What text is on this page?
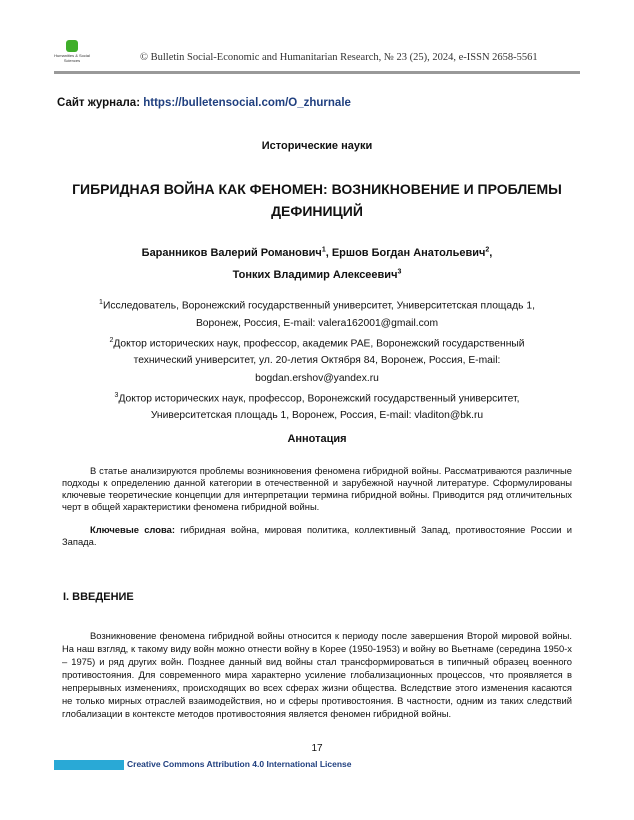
Humanities & Social Sciences	© Bulletin Social-Economic and Humanitarian Research, № 23 (25), 2024, e-ISSN 2658-5561
Сайт журнала: https://bulletensocial.com/O_zhurnale
Исторические науки
ГИБРИДНАЯ ВОЙНА КАК ФЕНОМЕН: ВОЗНИКНОВЕНИЕ И ПРОБЛЕМЫ ДЕФИНИЦИЙ
Баранников Валерий Романович$^1$, Ершов Богдан Анатольевич$^2$,
Тонких Владимир Алексеевич$^3$
$^1$Исследователь, Воронежский государственный университет, Университетская площадь 1, Воронеж, Россия, E-mail: valera162001@gmail.com
$^2$Доктор исторических наук, профессор, академик РАЕ, Воронежский государственный технический университет, ул. 20-летия Октября 84, Воронеж, Россия, E-mail: bogdan.ershov@yandex.ru
$^3$Доктор исторических наук, профессор, Воронежский государственный университет, Университетская площадь 1, Воронеж, Россия, E-mail: vladiton@bk.ru
Аннотация

В статье анализируются проблемы возникновения феномена гибридной войны. Рассматриваются различные подходы к определению данной категории в отечественной и зарубежной научной литературе. Сформулированы ключевые теоретические концепции для интерпретации термина гибридной войны. Приводится ряд отличительных черт в общей характеристики феномена гибридной войны.

Ключевые слова: гибридная война, мировая политика, коллективный Запад, противостояние России и Запада.

I. ВВЕДЕНИЕ

Возникновение феномена гибридной войны относится к периоду после завершения Второй мировой войны. На наш взгляд, к такому виду войн можно отнести войну в Корее (1950-1953) и войну во Вьетнаме (середина 1950-х – 1975) и ряд других войн. Позднее данный вид войны стал трансформироваться в типичный образец военного противостояния. Для современного мира характерно усиление глобализационных процессов, что проявляется в непрерывных изменениях, происходящих во всех сферах жизни общества. Вследствие этого изменения касаются не только мирных отраслей взаимодействия, но и сферы противостояния. В частности, одним из таких следствий глобализации в контексте методов противостояния является феномен гибридной войны.

17
Creative Commons Attribution 4.0 International License
